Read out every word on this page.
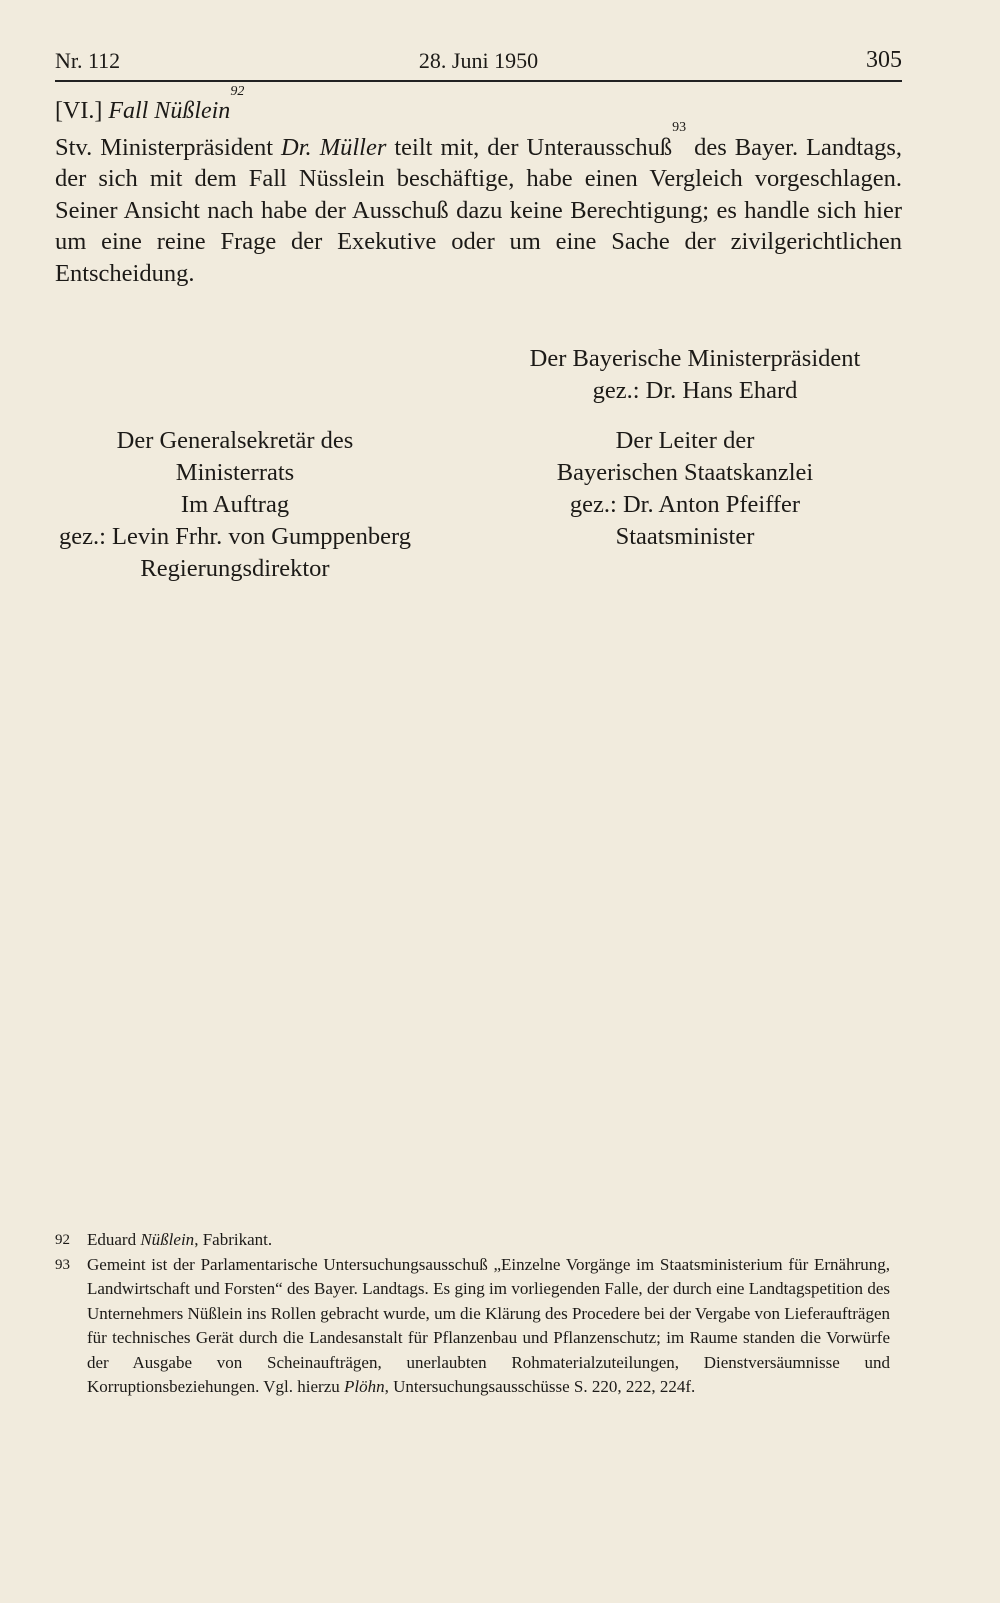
Nr. 112	28. Juni 1950	305
[VI.] Fall Nüßlein$^{92}$
Stv. Ministerpräsident Dr. Müller teilt mit, der Unterausschuß$^{93}$ des Bayer. Landtags, der sich mit dem Fall Nüsslein beschäftige, habe einen Vergleich vorgeschlagen. Seiner Ansicht nach habe der Ausschuß dazu keine Berechtigung; es handle sich hier um eine reine Frage der Exekutive oder um eine Sache der zivilgerichtlichen Entscheidung.
Der Bayerische Ministerpräsident
gez.: Dr. Hans Ehard
Der Generalsekretär des
Ministerrats
Im Auftrag
gez.: Levin Frhr. von Gumppenberg
Regierungsdirektor
Der Leiter der
Bayerischen Staatskanzlei
gez.: Dr. Anton Pfeiffer
Staatsminister
92	Eduard Nüßlein, Fabrikant.
93	Gemeint ist der Parlamentarische Untersuchungsausschuß „Einzelne Vorgänge im Staatsministerium für Ernährung, Landwirtschaft und Forsten“ des Bayer. Landtags. Es ging im vorliegenden Falle, der durch eine Landtagspetition des Unternehmers Nüßlein ins Rollen gebracht wurde, um die Klärung des Procedere bei der Vergabe von Lieferaufträgen für technisches Gerät durch die Landesanstalt für Pflanzenbau und Pflanzenschutz; im Raume standen die Vorwürfe der Ausgabe von Scheinaufträgen, unerlaubten Rohmaterialzuteilungen, Dienstversäumnisse und Korruptionsbeziehungen. Vgl. hierzu Plöhn, Untersuchungsausschüsse S. 220, 222, 224f.
